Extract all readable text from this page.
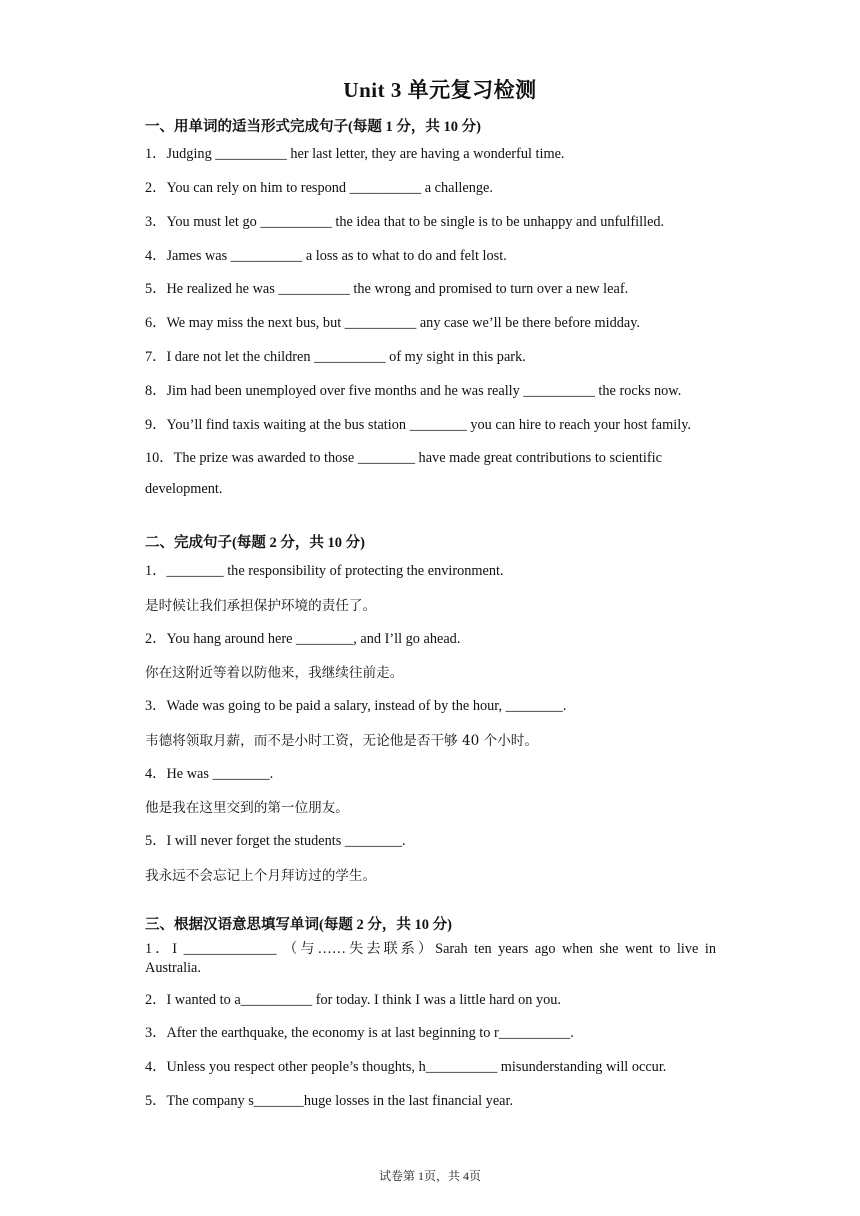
Unit 3 单元复习检测
一、用单词的适当形式完成句子(每题 1 分，共 10 分)
1．Judging __________ her last letter, they are having a wonderful time.
2．You can rely on him to respond __________ a challenge.
3．You must let go __________ the idea that to be single is to be unhappy and unfulfilled.
4．James was __________ a loss as to what to do and felt lost.
5．He realized he was __________ the wrong and promised to turn over a new leaf.
6．We may miss the next bus, but __________ any case we’ll be there before midday.
7．I dare not let the children __________ of my sight in this park.
8．Jim had been unemployed over five months and he was really __________ the rocks now.
9．You’ll find taxis waiting at the bus station ________ you can hire to reach your host family.
10．The prize was awarded to those ________ have made great contributions to scientific
development.
二、完成句子(每题 2 分，共 10 分)
1．________ the responsibility of protecting the environment.
是时候让我们承担保护环境的责任了。
2．You hang around here ________, and I’ll go ahead.
你在这附近等着以防他来，我继续往前走。
3．Wade was going to be paid a salary, instead of by the hour, ________.
韦德将领取月薪，而不是小时工资，无论他是否干够 40 个小时。
4．He was ________.
他是我在这里交到的第一位朋友。
5．I will never forget the students ________.
我永远不会忘记上个月拜访过的学生。
三、根据汉语意思填写单词(每题 2 分，共 10 分)
1．I _____________ （与……失去联系）Sarah ten years ago when she went to live in
Australia.
2．I wanted to a__________ for today. I think I was a little hard on you.
3．After the earthquake, the economy is at last beginning to r__________.
4．Unless you respect other people’s thoughts, h__________ misunderstanding will occur.
5．The company s_______huge losses in the last financial year.
试卷第 1页，共 4页
